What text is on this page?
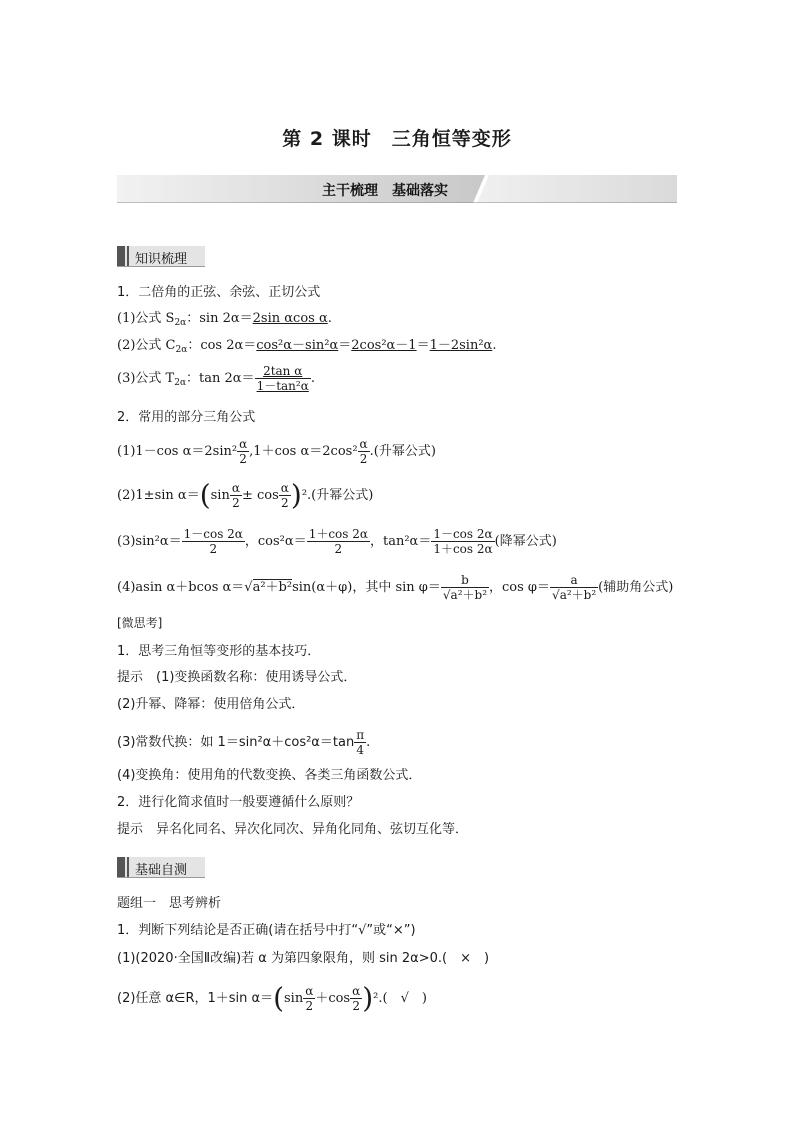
第 2 课时　三角恒等变形
主干梳理　基础落实
知识梳理
1．二倍角的正弦、余弦、正切公式
(1)公式 $S_{2\alpha}$：sin 2α＝2sin αcos α.
(2)公式 $C_{2\alpha}$：cos 2α＝cos²α－sin²α＝2cos²α－1＝1－2sin²α.
(3)公式 $T_{2\alpha}$：$\tan 2\alpha= \frac{\text{2tan α}}{\text{1－tan²α}}$ .
2．常用的部分三角公式
(1)1－cos $\alpha=2\sin^2 \frac{\alpha}{2} ,1+\cos$ $\alpha=2\cos^2 \frac{\alpha}{2}$ .(升幂公式)
(2)1±sin $\alpha=(\sin \frac{\alpha}{2} \pm \cos \frac{\alpha}{2} )^2$.(升幂公式)
$(3)\sin^2\alpha= \frac{1-\cos 2\alpha}{2}$ ，$\cos^2\alpha= \frac{1+\cos 2\alpha}{2}$ ，$\tan^2\alpha= \frac{1-\cos 2\alpha}{1+\cos 2\alpha}$ (降幂公式)
(4)asin α＋bcos α＝√a²＋b²sin(α＋φ)，其中 $\sin \varphi= \frac{b}{\text{√a²＋b²}}$ ，$\cos \varphi= \frac{a}{\text{√a²＋b²}}$ (辅助角公式)
[微思考]
1．思考三角恒等变形的基本技巧．
提示　(1)变换函数名称：使用诱导公式．
(2)升幂、降幂：使用倍角公式．
(3)常数代换：如 $1=\sin^2\alpha+\cos^2\alpha=\tan \frac{\pi}{4}$ .
(4)变换角：使用角的代数变换、各类三角函数公式．
2．进行化简求值时一般要遵循什么原则？
提示　异名化同名、异次化同次、异角化同角、弦切互化等．
基础自测
题组一　思考辨析
1．判断下列结论是否正确(请在括号中打“√”或“×”)
(1)(2020·全国Ⅱ改编)若 α 为第四象限角，则 sin 2α>0.(　×　)
(2)任意 α∈R，1＋sin $\alpha=(\sin \frac{\alpha}{2} +\cos \frac{\alpha}{2} )^2$.(　√　)
